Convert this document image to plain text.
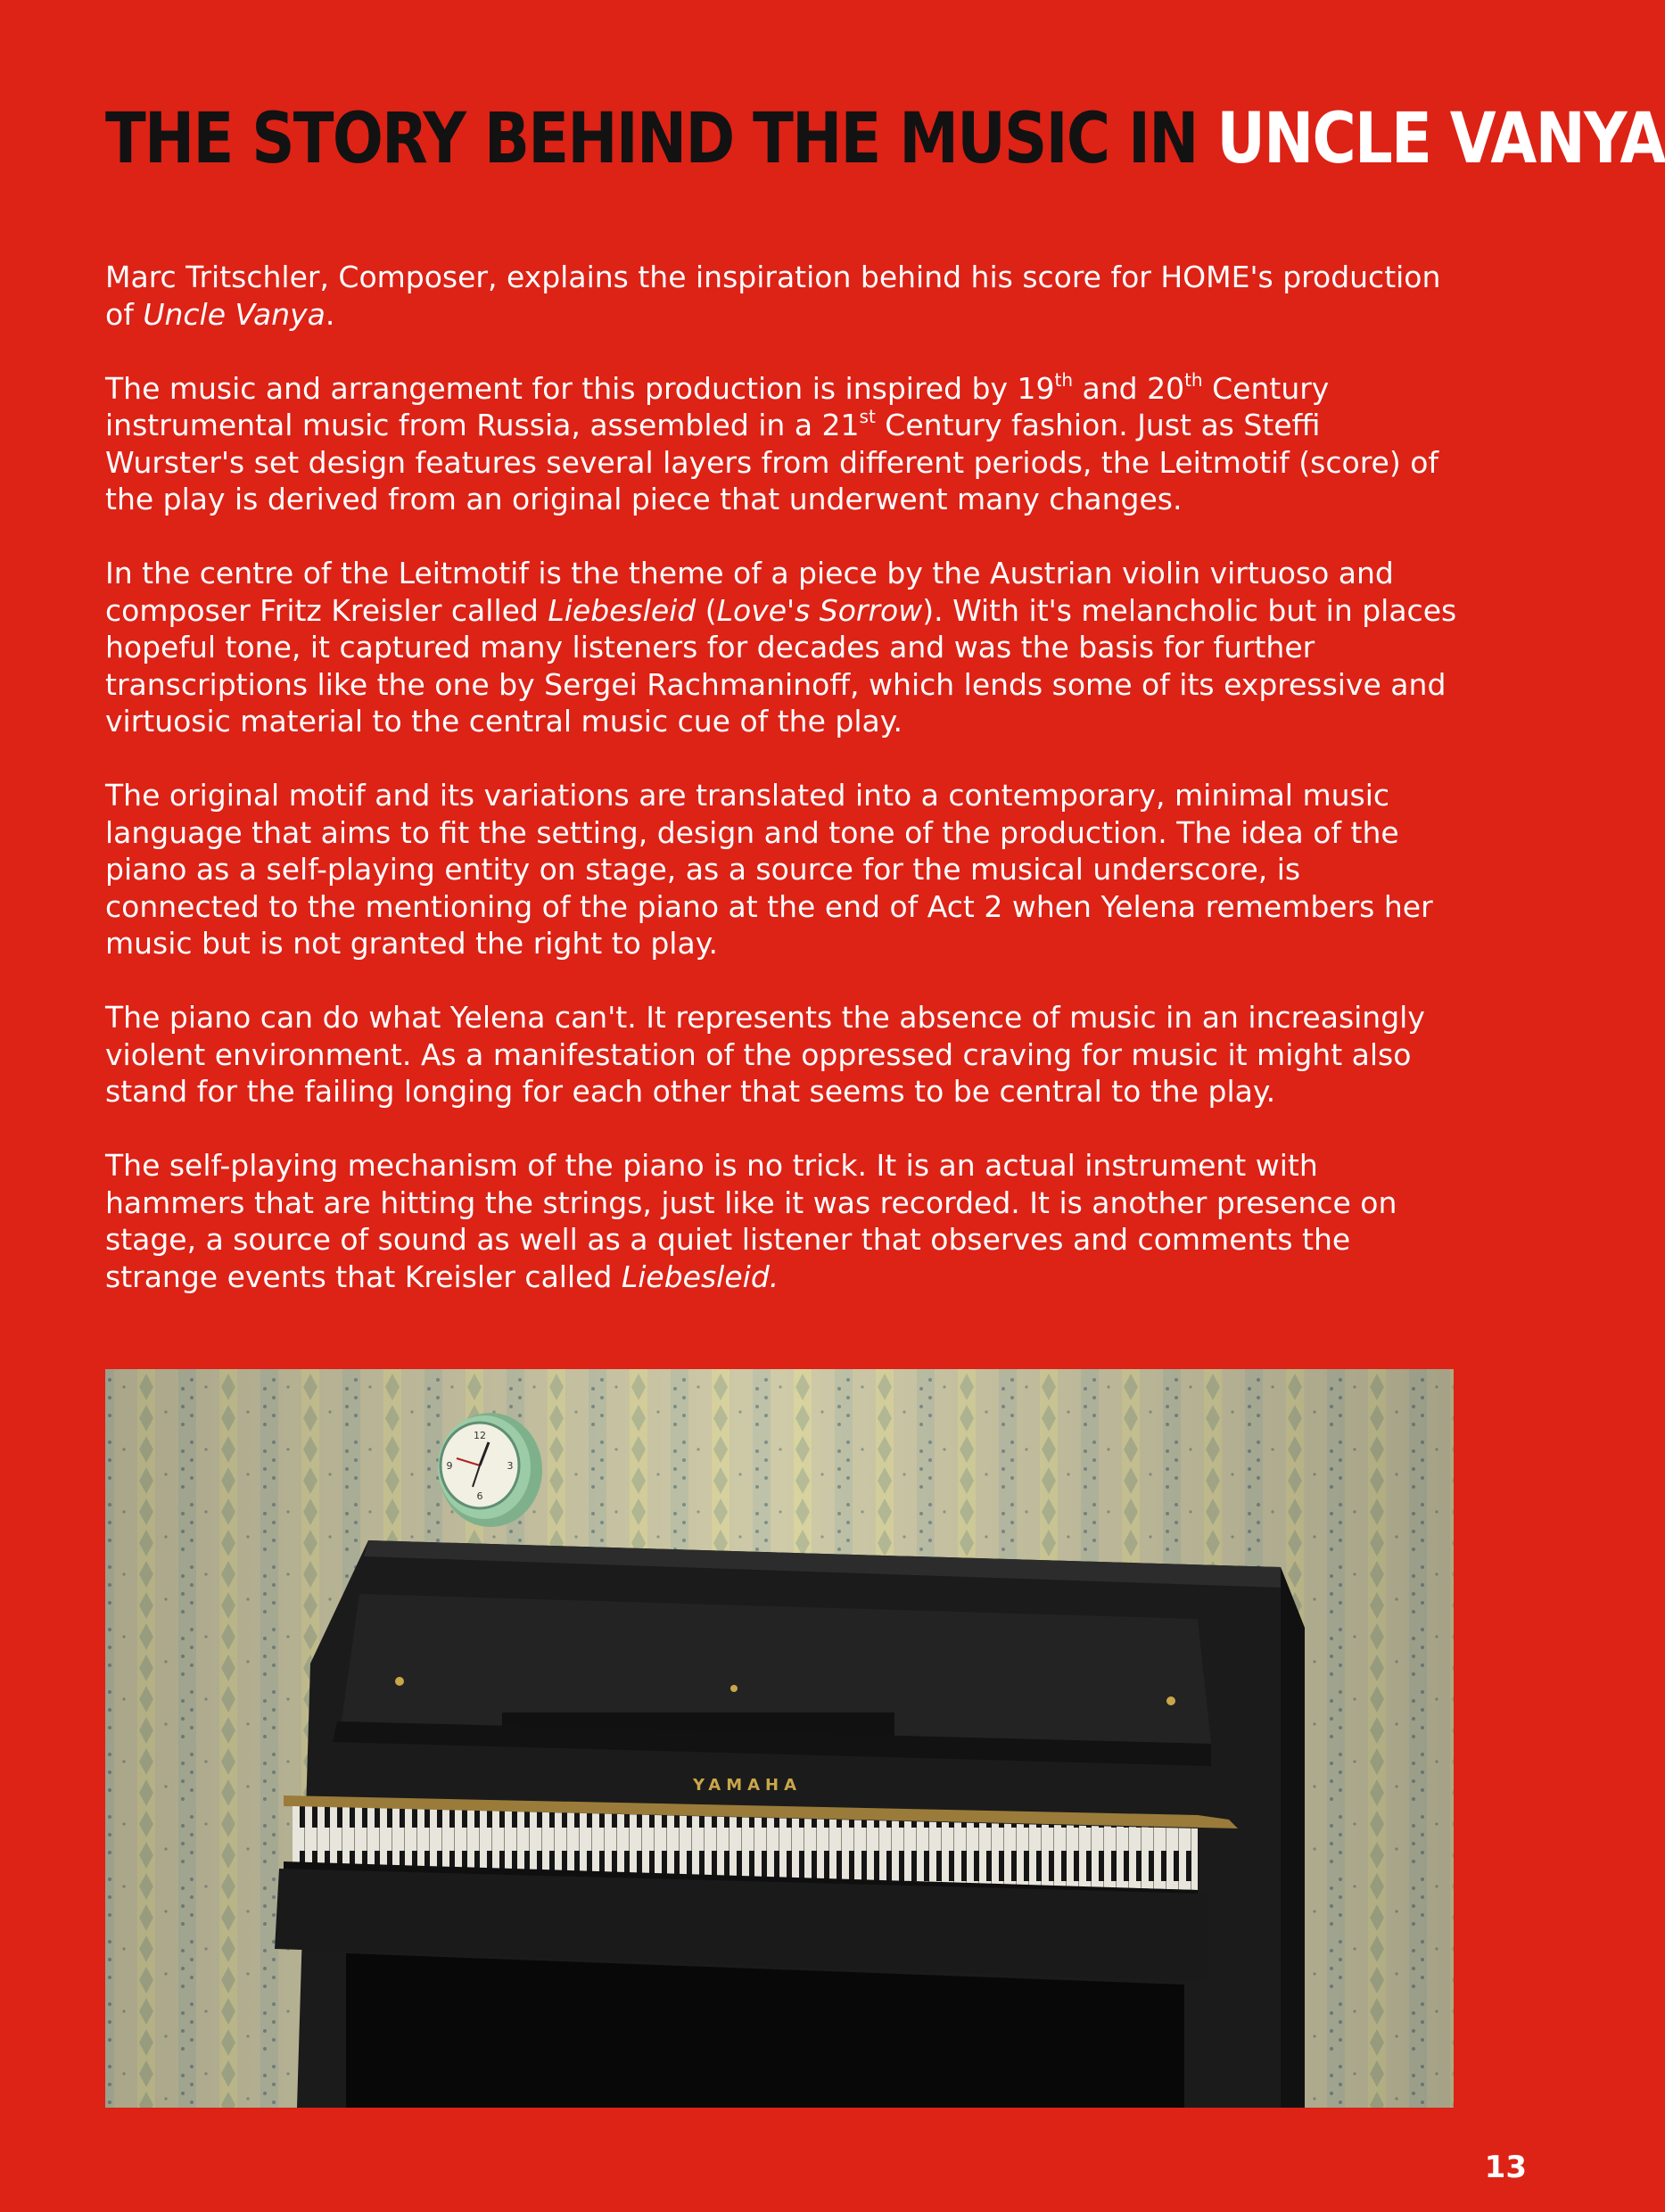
THE STORY BEHIND THE MUSIC IN UNCLE VANYA

Marc Tritschler, Composer, explains the inspiration behind his score for HOME's production of Uncle Vanya.

The music and arrangement for this production is inspired by 19th and 20th Century instrumental music from Russia, assembled in a 21st Century fashion. Just as Steffi Wurster's set design features several layers from different periods, the Leitmotif (score) of the play is derived from an original piece that underwent many changes.

In the centre of the Leitmotif is the theme of a piece by the Austrian violin virtuoso and composer Fritz Kreisler called Liebesleid (Love's Sorrow). With it's melancholic but in places hopeful tone, it captured many listeners for decades and was the basis for further transcriptions like the one by Sergei Rachmaninoff, which lends some of its expressive and virtuosic material to the central music cue of the play.

The original motif and its variations are translated into a contemporary, minimal music language that aims to fit the setting, design and tone of the production. The idea of the piano as a self-playing entity on stage, as a source for the musical underscore, is connected to the mentioning of the piano at the end of Act 2 when Yelena remembers her music but is not granted the right to play.

The piano can do what Yelena can't. It represents the absence of music in an increasingly violent environment. As a manifestation of the oppressed craving for music it might also stand for the failing longing for each other that seems to be central to the play.

The self-playing mechanism of the piano is no trick. It is an actual instrument with hammers that are hitting the strings, just like it was recorded. It is another presence on stage, a source of sound as well as a quiet listener that observes and comments the strange events that Kreisler called Liebesleid.

12
3
6
9
YAMAHA
13
